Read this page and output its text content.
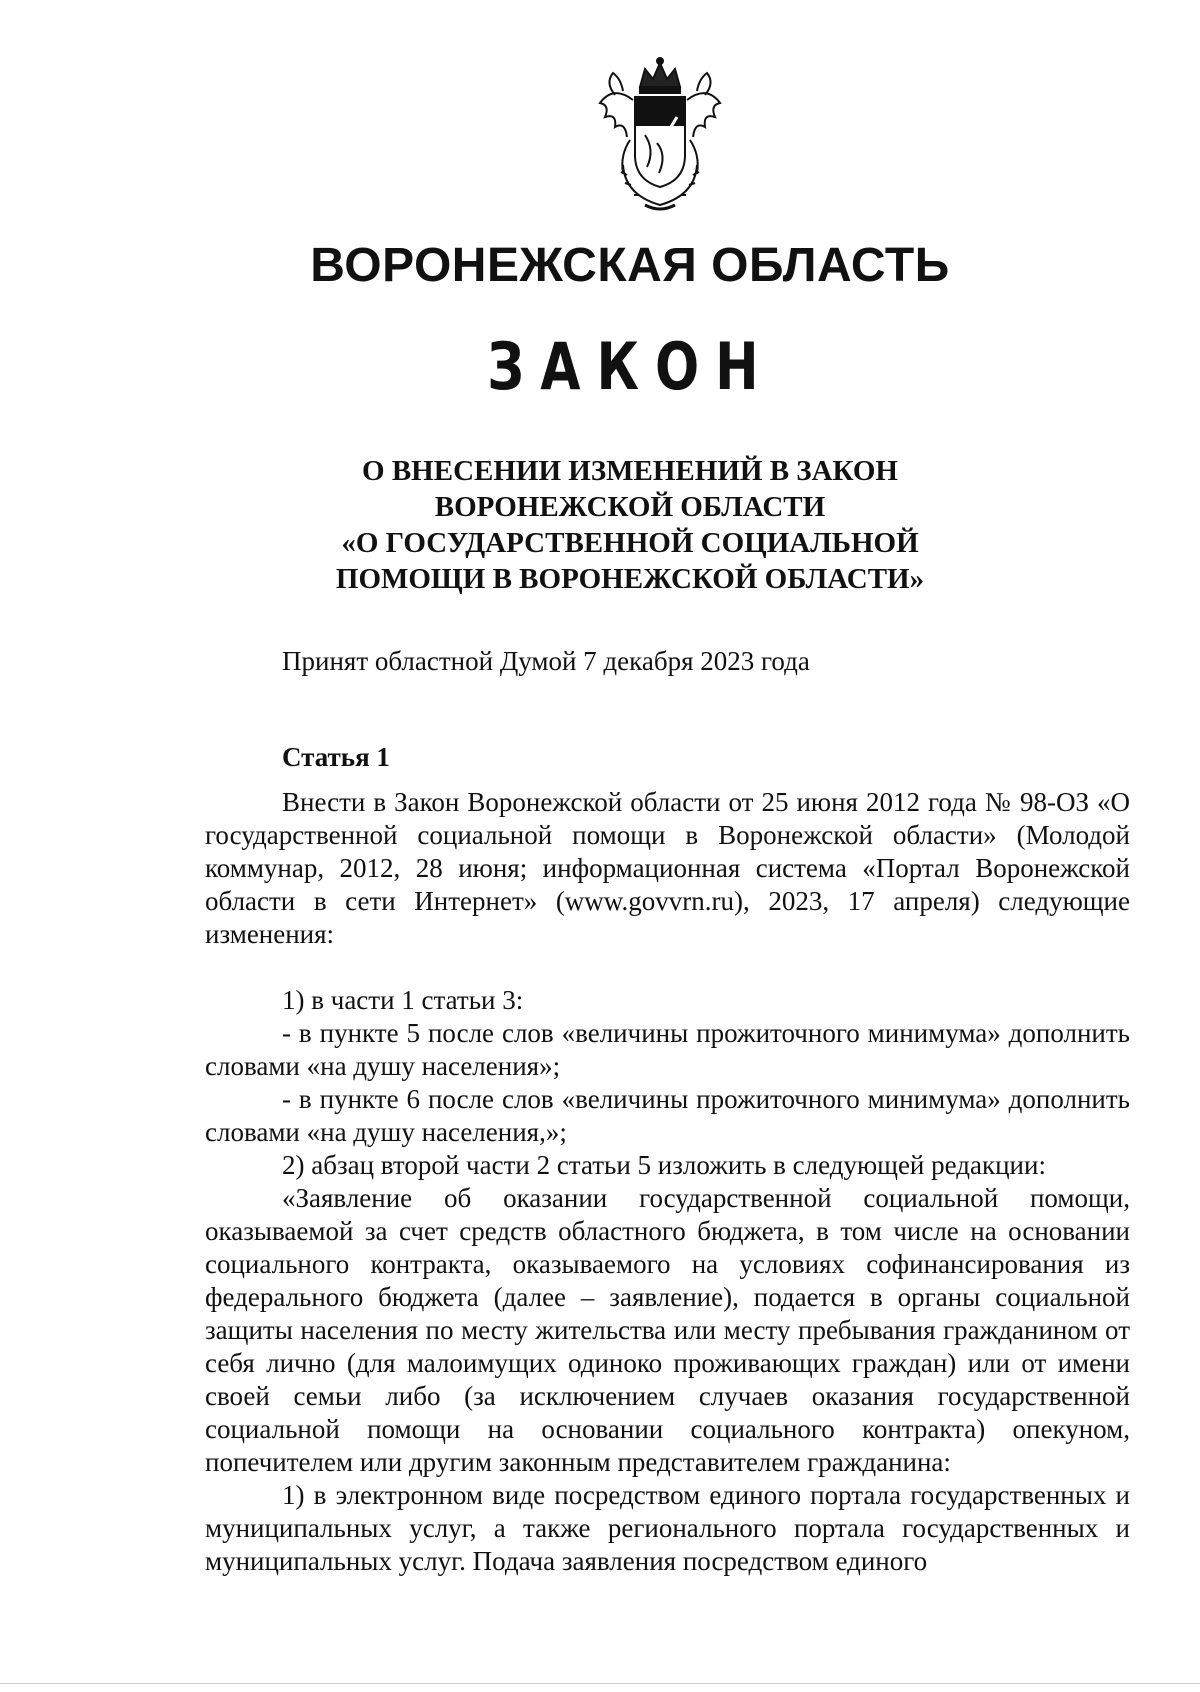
ВОРОНЕЖСКАЯ ОБЛАСТЬ
ЗАКОН
О ВНЕСЕНИИ ИЗМЕНЕНИЙ В ЗАКОН
ВОРОНЕЖСКОЙ ОБЛАСТИ
«О ГОСУДАРСТВЕННОЙ СОЦИАЛЬНОЙ
ПОМОЩИ В ВОРОНЕЖСКОЙ ОБЛАСТИ»
Принят областной Думой 7 декабря 2023 года
Статья 1

Внести в Закон Воронежской области от 25 июня 2012 года № 98-ОЗ «О государственной социальной помощи в Воронежской области» (Молодой коммунар, 2012, 28 июня; информационная система «Портал Воронежской области в сети Интернет» (www.govvrn.ru), 2023, 17 апреля) следующие изменения:

1) в части 1 статьи 3:

- в пункте 5 после слов «величины прожиточного минимума» дополнить словами «на душу населения»;

- в пункте 6 после слов «величины прожиточного минимума» дополнить словами «на душу населения,»;

2) абзац второй части 2 статьи 5 изложить в следующей редакции:

«Заявление об оказании государственной социальной помощи, оказываемой за счет средств областного бюджета, в том числе на основании социального контракта, оказываемого на условиях софинансирования из федерального бюджета (далее – заявление), подается в органы социальной защиты населения по месту жительства или месту пребывания гражданином от себя лично (для малоимущих одиноко проживающих граждан) или от имени своей семьи либо (за исключением случаев оказания государственной социальной помощи на основании социального контракта) опекуном, попечителем или другим законным представителем гражданина:

1) в электронном виде посредством единого портала государственных и муниципальных услуг, а также регионального портала государственных и муниципальных услуг. Подача заявления посредством единого
